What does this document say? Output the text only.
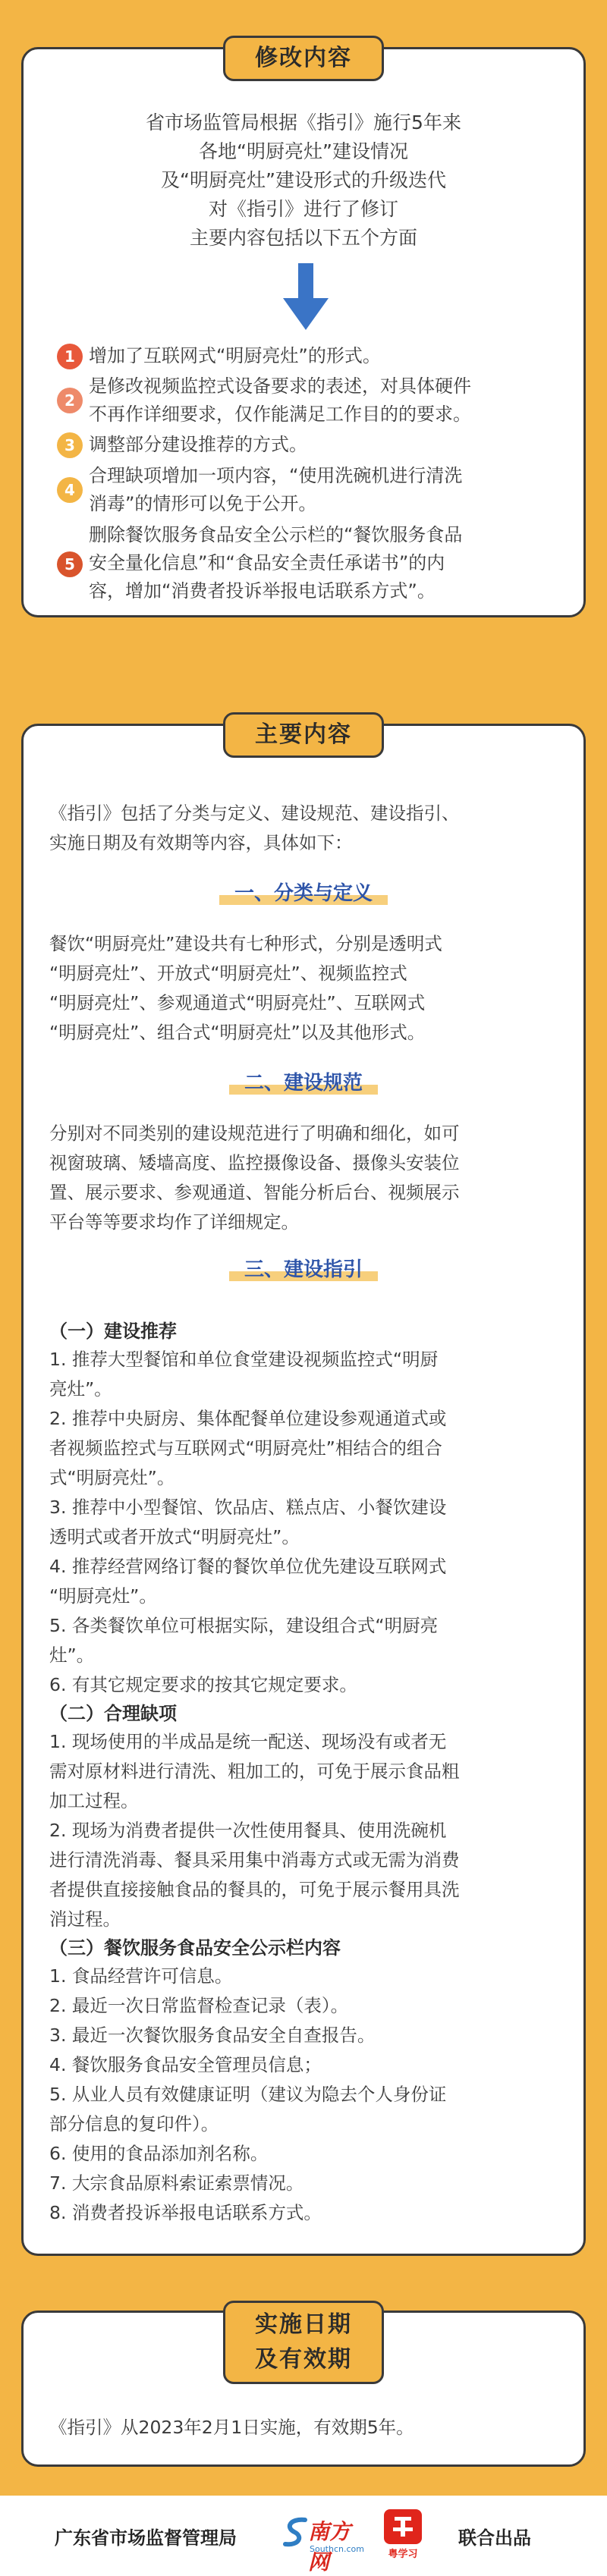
修改内容
省市场监管局根据《指引》施行5年来
各地“明厨亮灶”建设情况
及“明厨亮灶”建设形式的升级迭代
对《指引》进行了修订
主要内容包括以下五个方面
1 增加了互联网式“明厨亮灶”的形式。
2
是修改视频监控式设备要求的表述，对具体硬件
不再作详细要求，仅作能满足工作目的的要求。
3 调整部分建设推荐的方式。
4
合理缺项增加一项内容，“使用洗碗机进行清洗
消毒”的情形可以免于公开。
5
删除餐饮服务食品安全公示栏的“餐饮服务食品
安全量化信息”和“食品安全责任承诺书”的内
容，增加“消费者投诉举报电话联系方式”。
主要内容
《指引》包括了分类与定义、建设规范、建设指引、
实施日期及有效期等内容，具体如下：
一、分类与定义
餐饮“明厨亮灶”建设共有七种形式，分别是透明式
“明厨亮灶”、开放式“明厨亮灶”、视频监控式
“明厨亮灶”、参观通道式“明厨亮灶”、互联网式
“明厨亮灶”、组合式“明厨亮灶”以及其他形式。
二、建设规范
分别对不同类别的建设规范进行了明确和细化，如可
视窗玻璃、矮墙高度、监控摄像设备、摄像头安装位
置、展示要求、参观通道、智能分析后台、视频展示
平台等等要求均作了详细规定。
三、建设指引
（一）建设推荐
1. 推荐大型餐馆和单位食堂建设视频监控式“明厨
亮灶”。
2. 推荐中央厨房、集体配餐单位建设参观通道式或
者视频监控式与互联网式“明厨亮灶”相结合的组合
式“明厨亮灶”。
3. 推荐中小型餐馆、饮品店、糕点店、小餐饮建设
透明式或者开放式“明厨亮灶”。
4. 推荐经营网络订餐的餐饮单位优先建设互联网式
“明厨亮灶”。
5. 各类餐饮单位可根据实际，建设组合式“明厨亮
灶”。
6. 有其它规定要求的按其它规定要求。
（二）合理缺项
1. 现场使用的半成品是统一配送、现场没有或者无
需对原材料进行清洗、粗加工的，可免于展示食品粗
加工过程。
2. 现场为消费者提供一次性使用餐具、使用洗碗机
进行清洗消毒、餐具采用集中消毒方式或无需为消费
者提供直接接触食品的餐具的，可免于展示餐用具洗
消过程。
（三）餐饮服务食品安全公示栏内容
1. 食品经营许可信息。
2. 最近一次日常监督检查记录（表）。
3. 最近一次餐饮服务食品安全自查报告。
4. 餐饮服务食品安全管理员信息；
5. 从业人员有效健康证明（建议为隐去个人身份证
部分信息的复印件）。
6. 使用的食品添加剂名称。
7. 大宗食品原料索证索票情况。
8. 消费者投诉举报电话联系方式。
实施日期
及有效期
《指引》从2023年2月1日实施，有效期5年。
广东省市场监督管理局	南方网
Southcn.com	粤学习
联合出品
